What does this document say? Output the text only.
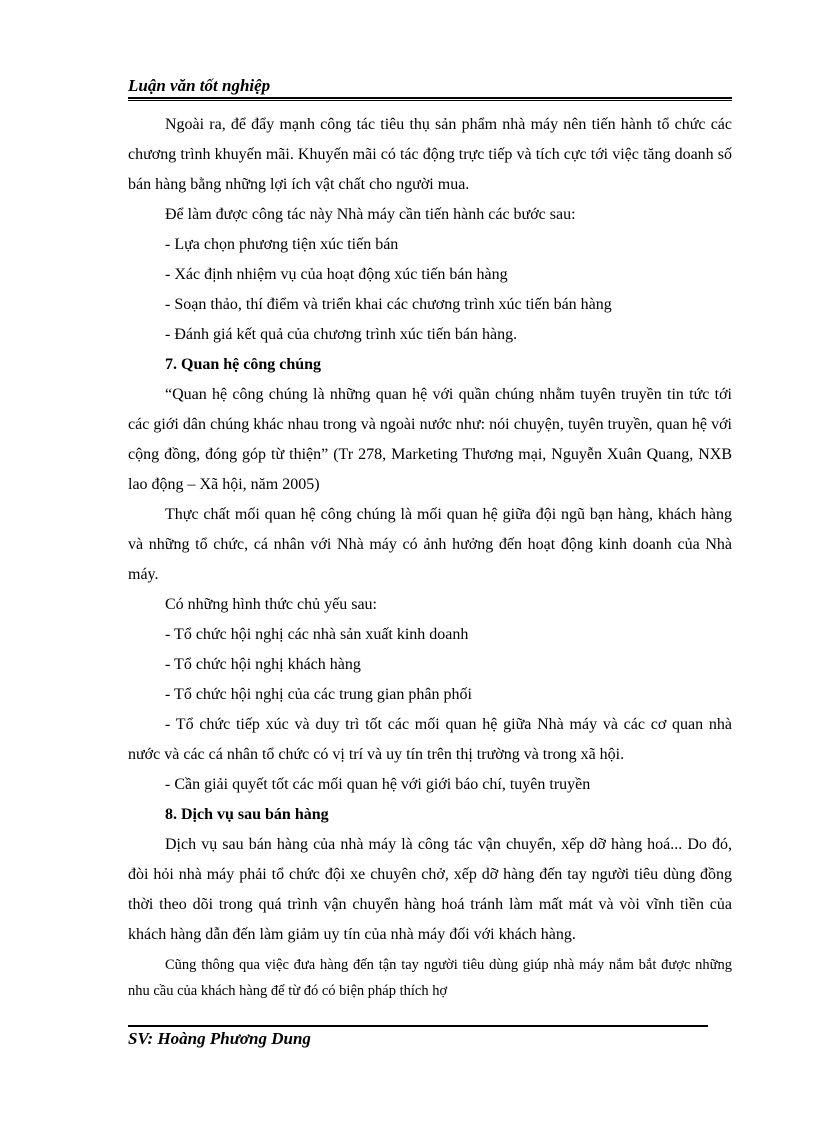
Luận văn tốt nghiệp

Ngoài ra, để đẩy mạnh công tác tiêu thụ sản phẩm nhà máy nên tiến hành tổ chức các chương trình khuyến mãi. Khuyến mãi có tác động trực tiếp và tích cực tới việc tăng doanh số bán hàng bằng những lợi ích vật chất cho người mua.

Để làm được công tác này Nhà máy cần tiến hành các bước sau:

- Lựa chọn phương tiện xúc tiến bán

- Xác định nhiệm vụ của hoạt động xúc tiến bán hàng

- Soạn thảo, thí điểm và triển khai các chương trình xúc tiến bán hàng

- Đánh giá kết quả của chương trình xúc tiến bán hàng.

7. Quan hệ công chúng

“Quan hệ công chúng là những quan hệ với quần chúng nhằm tuyên truyền tin tức tới các giới dân chúng khác nhau trong và ngoài nước như: nói chuyện, tuyên truyền, quan hệ với cộng đồng, đóng góp từ thiện” (Tr 278, Marketing Thương mại, Nguyễn Xuân Quang, NXB lao động – Xã hội, năm 2005)

Thực chất mối quan hệ công chúng là mối quan hệ giữa đội ngũ bạn hàng, khách hàng và những tổ chức, cá nhân với Nhà máy có ảnh hưởng đến hoạt động kinh doanh của Nhà máy.

Có những hình thức chủ yếu sau:

- Tổ chức hội nghị các nhà sản xuất kinh doanh

- Tổ chức hội nghị khách hàng

- Tổ chức hội nghị của các trung gian phân phối

- Tổ chức tiếp xúc và duy trì tốt các mối quan hệ giữa Nhà máy và các cơ quan nhà nước và các cá nhân tổ chức có vị trí và uy tín trên thị trường và trong xã hội.

- Cần giải quyết tốt các mối quan hệ với giới báo chí, tuyên truyền

8. Dịch vụ sau bán hàng

Dịch vụ sau bán hàng của nhà máy là công tác vận chuyển, xếp dỡ hàng hoá... Do đó, đòi hỏi nhà máy phải tổ chức đội xe chuyên chở, xếp dỡ hàng đến tay người tiêu dùng đồng thời theo dõi trong quá trình vận chuyển hàng hoá tránh làm mất mát và vòi vĩnh tiền của khách hàng dẫn đến làm giảm uy tín của nhà máy đối với khách hàng.

Cũng thông qua việc đưa hàng đến tận tay người tiêu dùng giúp nhà máy nắm bắt được những nhu cầu của khách hàng để từ đó có biện pháp thích hợ

SV: Hoàng Phương Dung
